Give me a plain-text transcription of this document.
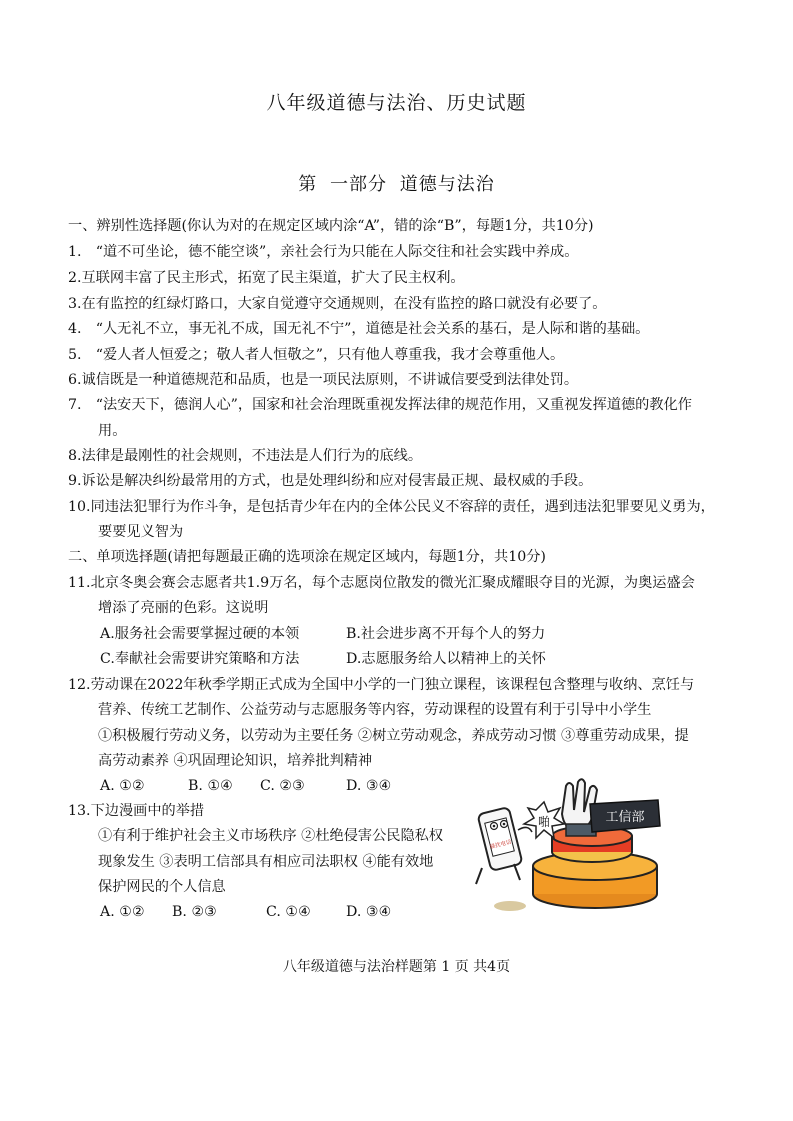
八年级道德与法治、历史试题
第 一部分 道德与法治
一、辨别性选择题(你认为对的在规定区域内涂“A”，错的涂“B”，每题1分，共10分)
1.　“道不可坐论，德不能空谈”，亲社会行为只能在人际交往和社会实践中养成。
2.互联网丰富了民主形式，拓宽了民主渠道，扩大了民主权利。
3.在有监控的红绿灯路口，大家自觉遵守交通规则，在没有监控的路口就没有必要了。
4.　“人无礼不立，事无礼不成，国无礼不宁”，道德是社会关系的基石，是人际和谐的基础。
5.　“爱人者人恒爱之；敬人者人恒敬之”，只有他人尊重我，我才会尊重他人。
6.诚信既是一种道德规范和品质，也是一项民法原则，不讲诚信要受到法律处罚。
7.　“法安天下，德润人心”，国家和社会治理既重视发挥法律的规范作用，又重视发挥道德的教化作
用。
8.法律是最刚性的社会规则，不违法是人们行为的底线。
9.诉讼是解决纠纷最常用的方式，也是处理纠纷和应对侵害最正规、最权威的手段。
10.同违法犯罪行为作斗争，是包括青少年在内的全体公民义不容辞的责任，遇到违法犯罪要见义勇为，
要要见义智为
二、单项选择题(请把每题最正确的选项涂在规定区域内，每题1分，共10分)
11.北京冬奥会赛会志愿者共1.9万名，每个志愿岗位散发的微光汇聚成耀眼夺目的光源，为奥运盛会
增添了亮丽的色彩。这说明
A.服务社会需要掌握过硬的本领	B.社会进步离不开每个人的努力
C.奉献社会需要讲究策略和方法	D.志愿服务给人以精神上的关怀
12.劳动课在2022年秋季学期正式成为全国中小学的一门独立课程，该课程包含整理与收纳、烹饪与
营养、传统工艺制作、公益劳动与志愿服务等内容，劳动课程的设置有利于引导中小学生
①积极履行劳动义务，以劳动为主要任务 ②树立劳动观念，养成劳动习惯 ③尊重劳动成果，提
高劳动素养 ④巩固理论知识，培养批判精神
A. ①②	B. ①④ C. ②③	D. ③④
13.下边漫画中的举措
①有利于维护社会主义市场秩序 ②杜绝侵害公民隐私权
现象发生 ③表明工信部具有相应司法职权 ④能有效地
保护网民的个人信息
A. ①② B. ②③	C. ①④ D. ③④
工信部
啪
骚扰电话
八年级道德与法治样题第 1 页 共4页
